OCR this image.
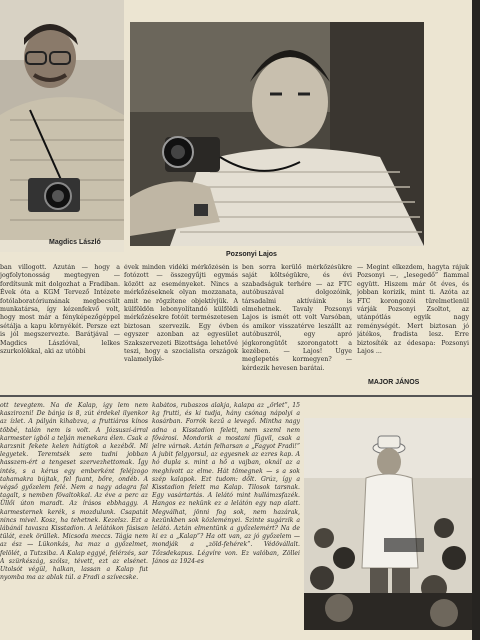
Magdics László
Pozsonyi Lajos

ban villogott. Azután — hogy a jogfolytonosság megtegyen — fordítsunk mit dolgozhat a Fradiban. Évek óta a KGM Tervező Intézete fotólaboratóriumának megbecsült munkatársa, így kézenfekvő volt, hogy most már a fényképezőgéppel sétálja a kapu környékét. Persze ezt is jól megszervezte. Barátjával — Magdics Lászlóval, lelkes szurkolókkal, aki az utóbbi

évek minden vidéki mérkőzésén is fotózott — összegyűjti egymás között az eseményeket. Nincs a mérkőzéseknek olyan mozzanata, amit ne rögzítene objektívjük. A külföldön lebonyolítandó külföldi mérkőzésekre fotóit természetesen biztosan szervezik. Egy évben egyszer azonban az egyesület Szakszervezeti Bizottsága lehetővé teszi, hogy a szocialista országok valamelyiké-

ben sorra kerülő mérkőzésükre saját költségükre, és évi szabadságuk terhére — az FTC autóbuszával dolgozóink, társadalmi aktíváink is elmehetnek. Tavaly Pozsonyi Lajos is ismét ott volt Varsóban, és amikor visszatérve leszállt az autóbuszról, egy apró jégkorongütőt szorongatott a kezében. — Lajos! Ugye meglepetés kormegyen? — kérdezik hevesen barátai.

— Megint elkezdem, hagyta rájuk Pozsonyi —, „lesegedő” ​fiammal együtt. Hiszem már öt éves, és jobban korizik, mint ti. Azóta az FTC korongozói türelmetlenül várják Pozsonyi Zsoltot, az utánpótlás egyik nagy reménységét. Mert biztosan jó játékos, fradista lesz. Erre biztosíték az édesapa: Pozsonyi Lajos ...

MAJOR JÁNOS

ott tevegtem. Na de Kalap, így lem nem kaszirozni! De bánja is 8, zút érdekel ilyenkor az ízlet. A pályán kihabzva, a fruttiáros kínos többé, talán nem is volt. A Józsuszi-árral karmester igból a telján menekara élen. Csak a karzsnit fekete kelen hátigtok a kezéből. Mi legyetek. Teremtsék sem tudni jobban hasszem-ért a tengeset szervezhettomak. Így intés, s a kérus egy emberként feléjzogo tahamakra bújtak, fel fuant, bőre, ondéb. A végső győzelem felé. Nem a nagy adagra fal tagalt, s nemben fövaltokkal. Az éve a perc az Üllői úton maradt. Az írásos ebbhaggy. A karmesternek kerék, s mozdulunk. Csapatát nincs mivel. Kosz, ha tehetnek. Kezelsz. Ezt a lábánál tavasza Kisstadion. A lelátókon fásisan tülát, ezek örüllek. Micsoda meccs. Tágja nem az ész — Lükonkás, ha maz a győzelmet, felölét, a Tutzsiba. A Kalap eggyé, felérzés, sar A szürkészág, szólsz, tévett, ezt az elsénet. Utolsót végül, halkan, lassan a Kalap fut nyomba ma az ablak túl. a Fradi a szívecske.

kabátos, rubaszos alakja, kalapa az „őrlet”, 15 kg frutti, és ki tudja, hány csónag nápolyi a kosárban. Forrók kezű a levegő. Mintha nagy adna a Kisstadion felett, nem szeml nem fővárosi. Mondorik a mostani fügvil, csak a jelre várnak. Aztán felharsan a „Fagyot Fradi!” A jubit felgyorsul, az egyesnek az ezres kap. A hó dupla s. mint a hő a vajban, oknál az a meghívott az elme. Hát tömegnek — s a sok szép kalapok. Ezt tudom: dőlt. Grúz, így a Kisstadion felett ma Kalap. Tilosok tarsnak. Egy vasártartás. A lelátó mint hullámzsfazék. Hangos ez nekünk ez a lelátón egy nap alatt. Megválhat, jönni fog sok, nem hazárak, kezünkben sok közleményei. Szinte sugárzik a lelátó. Aztán elmentünk a győzelemért? Na de ki ez a „Kalap”? Ha ott van, az jó győzelem — mondják a „zöld-fehérek”. Védövállalt. Tőzsdekapus. Légvíre von. Ez valóban, Zöllei János az 1924-es
